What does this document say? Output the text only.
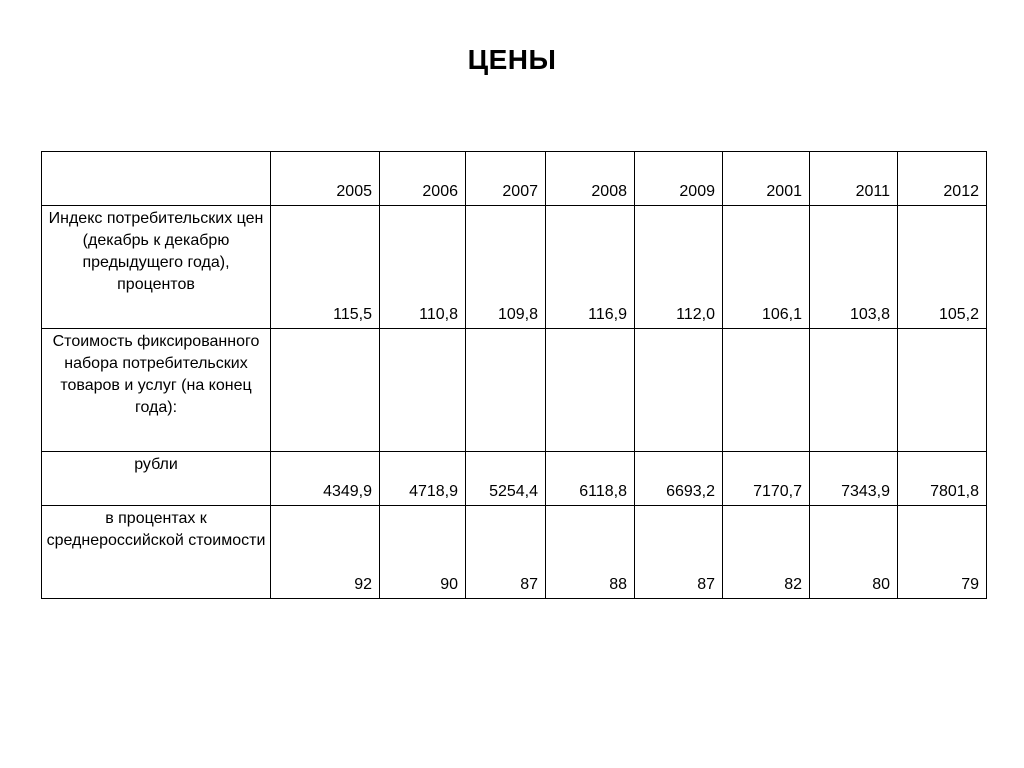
ЦЕНЫ
	2005	2006	2007	2008	2009	2001	2011	2012
Индекс потребительских цен (декабрь к декабрю предыдущего года), процентов	115,5	110,8	109,8	116,9	112,0	106,1	103,8	105,2
Стоимость фиксированного набора потребительских товаров и услуг (на конец года):								
рубли	4349,9	4718,9	5254,4	6118,8	6693,2	7170,7	7343,9	7801,8
в процентах к среднероссийской стоимости	92	90	87	88	87	82	80	79
